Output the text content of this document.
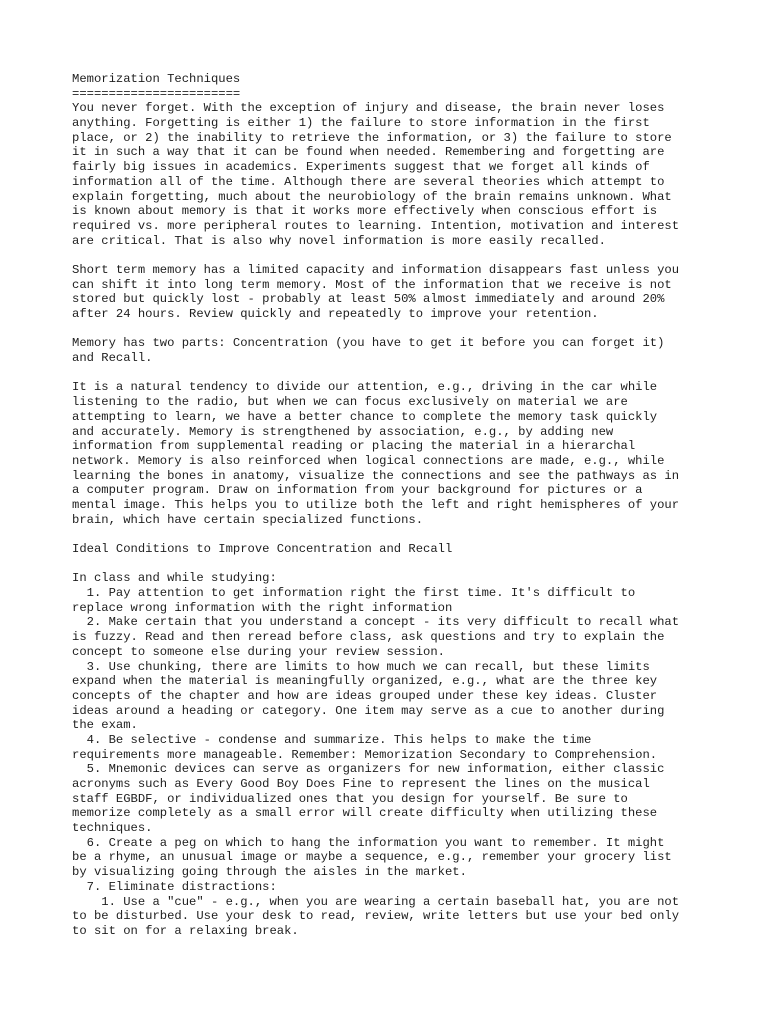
Memorization Techniques
=======================
You never forget. With the exception of injury and disease, the brain never loses
anything. Forgetting is either 1) the failure to store information in the first
place, or 2) the inability to retrieve the information, or 3) the failure to store
it in such a way that it can be found when needed. Remembering and forgetting are
fairly big issues in academics. Experiments suggest that we forget all kinds of
information all of the time. Although there are several theories which attempt to
explain forgetting, much about the neurobiology of the brain remains unknown. What
is known about memory is that it works more effectively when conscious effort is
required vs. more peripheral routes to learning. Intention, motivation and interest
are critical. That is also why novel information is more easily recalled.
Short term memory has a limited capacity and information disappears fast unless you
can shift it into long term memory. Most of the information that we receive is not
stored but quickly lost - probably at least 50% almost immediately and around 20%
after 24 hours. Review quickly and repeatedly to improve your retention.
Memory has two parts: Concentration (you have to get it before you can forget it)
and Recall.
It is a natural tendency to divide our attention, e.g., driving in the car while
listening to the radio, but when we can focus exclusively on material we are
attempting to learn, we have a better chance to complete the memory task quickly
and accurately. Memory is strengthened by association, e.g., by adding new
information from supplemental reading or placing the material in a hierarchal
network. Memory is also reinforced when logical connections are made, e.g., while
learning the bones in anatomy, visualize the connections and see the pathways as in
a computer program. Draw on information from your background for pictures or a
mental image. This helps you to utilize both the left and right hemispheres of your
brain, which have certain specialized functions.
Ideal Conditions to Improve Concentration and Recall
In class and while studying:
1. Pay attention to get information right the first time. It's difficult to
replace wrong information with the right information
2. Make certain that you understand a concept - its very difficult to recall what
is fuzzy. Read and then reread before class, ask questions and try to explain the
concept to someone else during your review session.
3. Use chunking, there are limits to how much we can recall, but these limits
expand when the material is meaningfully organized, e.g., what are the three key
concepts of the chapter and how are ideas grouped under these key ideas. Cluster
ideas around a heading or category. One item may serve as a cue to another during
the exam.
4. Be selective - condense and summarize. This helps to make the time
requirements more manageable. Remember: Memorization Secondary to Comprehension.
5. Mnemonic devices can serve as organizers for new information, either classic
acronyms such as Every Good Boy Does Fine to represent the lines on the musical
staff EGBDF, or individualized ones that you design for yourself. Be sure to
memorize completely as a small error will create difficulty when utilizing these
techniques.
6. Create a peg on which to hang the information you want to remember. It might
be a rhyme, an unusual image or maybe a sequence, e.g., remember your grocery list
by visualizing going through the aisles in the market.
7. Eliminate distractions:
1. Use a "cue" - e.g., when you are wearing a certain baseball hat, you are not
to be disturbed. Use your desk to read, review, write letters but use your bed only
to sit on for a relaxing break.
